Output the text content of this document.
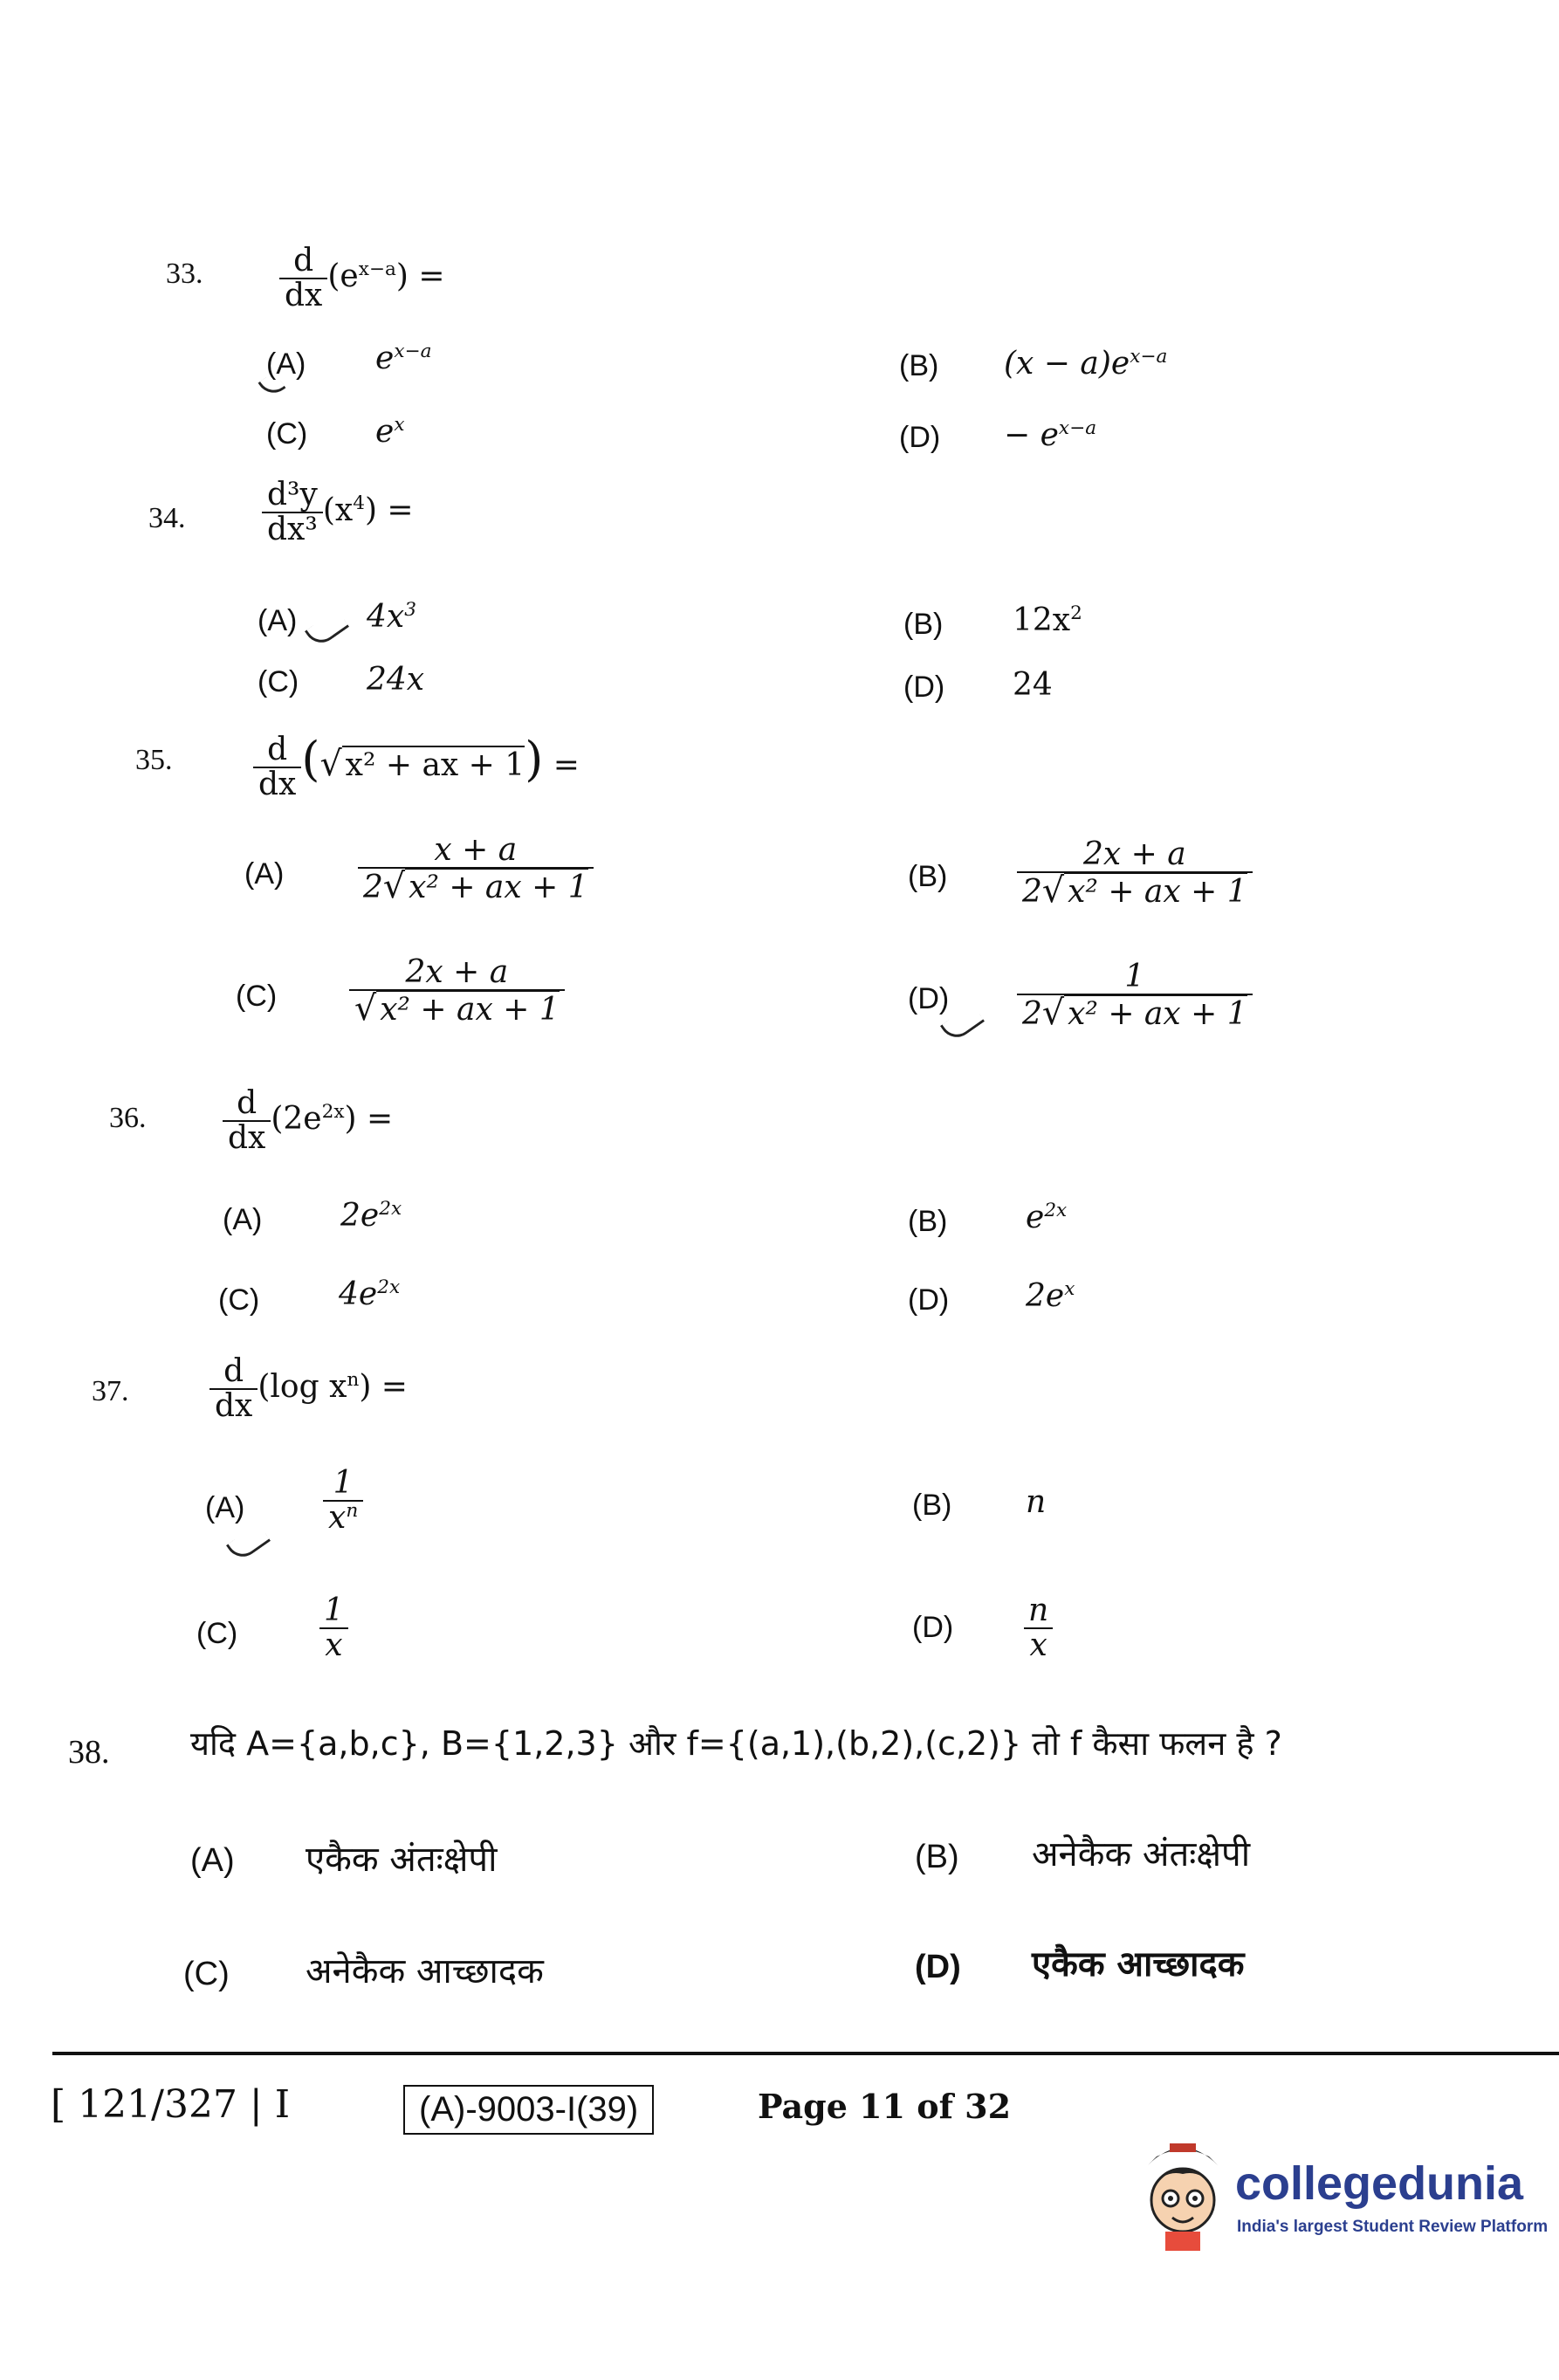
33. $\frac{d}{dx} (e^{x-a})$ =
(A) $e^{x-a}$	(B) $(x - a)e^{x-a}$
(C) $e^x$	$(D) - e^{x-a}$
34. $\frac{\text{d³y}}{\text{dx³}} (x^4)$ =
(A) $4x^3$	(B) $12x^2$
(C) 24x	(D) 24
35.	$\frac{d}{dx}$ (√ x² + ax + 1) =
$(A) \frac{x + a}{\text{2√ x² + ax + 1}}$	$(B) \frac{2x + a}{\text{2√ x² + ax + 1}}$
$(C) \frac{2x + a}{\text{√ x² + ax + 1}}$	$(D) \frac{1}{\text{2√ x² + ax + 1}}$
36. $\frac{d}{dx} (2e^{2x})$ =
(A) $2e^{2x}$	(B) $e^{2x}$
(C)	$4e^{2x}$	(D) $2e^x$
37.	$\frac{d}{dx} (\log$ $x^n$) =
$(A) \frac{1}{x^n}$	(B) n
(C)	$\frac{1}{x}$	$(D) \frac{n}{x}$
38. यदि A={a,b,c}, B={1,2,3} और f={(a,1),(b,2),(c,2)} तो f कैसा फलन है ?
(A) एकैक अंतःक्षेपी	(B) अनेकैक अंतःक्षेपी
(C) अनेकैक आच्छादक	(D) एकैक आच्छादक
[ 121/327 | I	(A)-9003-I(39)	Page 11 of 32
collegedunia
India's largest Student Review Platform
